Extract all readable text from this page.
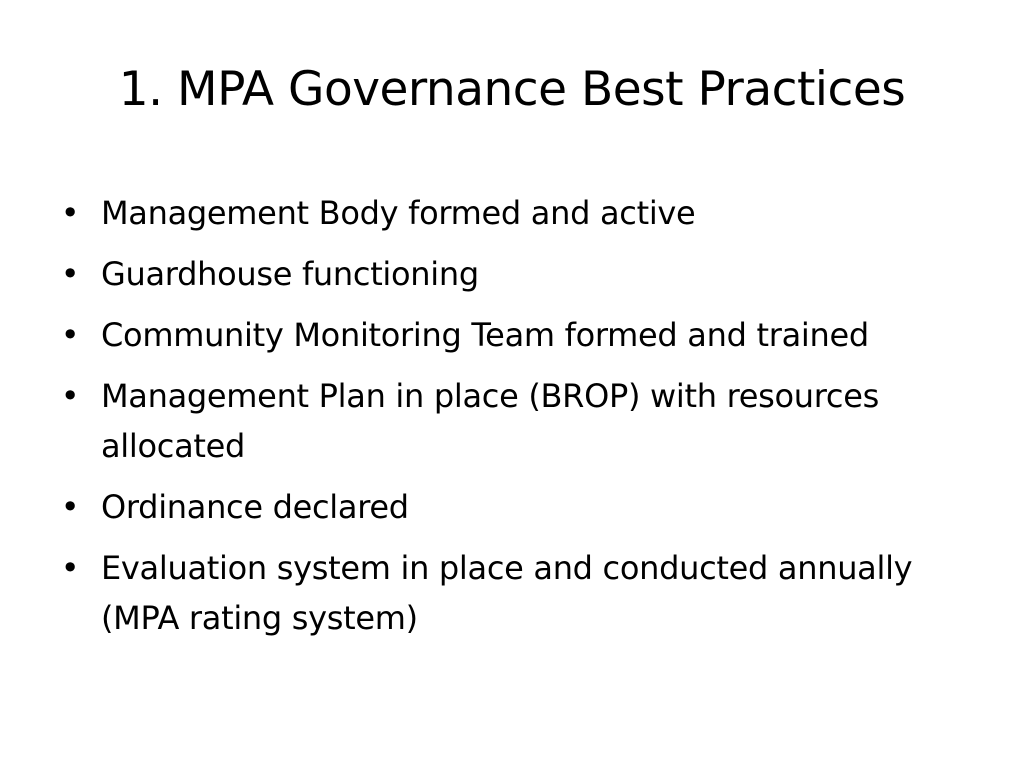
1. MPA Governance Best Practices
• Management Body formed and active
• Guardhouse functioning
• Community Monitoring Team formed and trained
• Management Plan in place (BROP) with resources allocated
• Ordinance declared
• Evaluation system in place and conducted annually (MPA rating system)
